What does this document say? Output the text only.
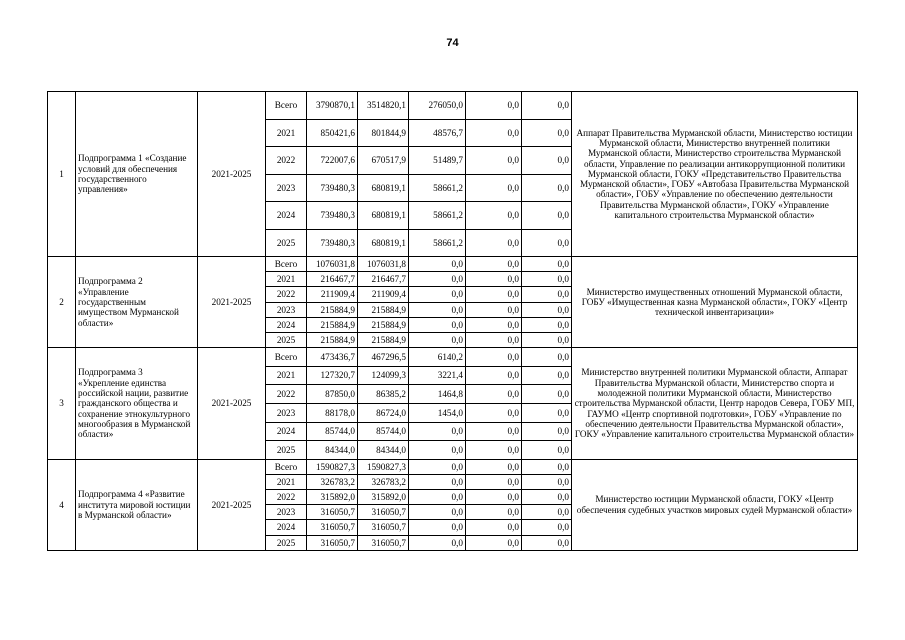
74
1	Подпрограмма 1 «Создание условий для обеспечения государственного управления»	2021-2025	Всего	3790870,1	3514820,1	276050,0	0,0	0,0	Аппарат Правительства Мурманской области, Министерство юстиции Мурманской области, Министерство внутренней политики Мурманской области, Министерство строительства Мурманской области, Управление по реализации антикоррупционной политики Мурманской области, ГОКУ «Представительство Правительства Мурманской области», ГОБУ «Автобаза Правительства Мурманской области», ГОБУ «Управление по обеспечению деятельности Правительства Мурманской области», ГОКУ «Управление капитального строительства Мурманской области»
			2021	850421,6	801844,9	48576,7	0,0	0,0	
			2022	722007,6	670517,9	51489,7	0,0	0,0	
			2023	739480,3	680819,1	58661,2	0,0	0,0	
			2024	739480,3	680819,1	58661,2	0,0	0,0	
			2025	739480,3	680819,1	58661,2	0,0	0,0	
2	Подпрограмма 2 «Управление государственным имуществом Мурманской области»	2021-2025	Всего	1076031,8	1076031,8	0,0	0,0	0,0	Министерство имущественных отношений Мурманской области, ГОБУ «Имущественная казна Мурманской области», ГОКУ «Центр технической инвентаризации»
			2021	216467,7	216467,7	0,0	0,0	0,0	
			2022	211909,4	211909,4	0,0	0,0	0,0	
			2023	215884,9	215884,9	0,0	0,0	0,0	
			2024	215884,9	215884,9	0,0	0,0	0,0	
			2025	215884,9	215884,9	0,0	0,0	0,0	
3	Подпрограмма 3 «Укрепление единства российской нации, развитие гражданского общества и сохранение этнокультурного многообразия в Мурманской области»	2021-2025	Всего	473436,7	467296,5	6140,2	0,0	0,0	Министерство внутренней политики Мурманской области, Аппарат Правительства Мурманской области, Министерство спорта и молодежной политики Мурманской области, Министерство строительства Мурманской области, Центр народов Севера, ГОБУ МП, ГАУМО «Центр спортивной подготовки», ГОБУ «Управление по обеспечению деятельности Правительства Мурманской области», ГОКУ «Управление капитального строительства Мурманской области»
			2021	127320,7	124099,3	3221,4	0,0	0,0	
			2022	87850,0	86385,2	1464,8	0,0	0,0	
			2023	88178,0	86724,0	1454,0	0,0	0,0	
			2024	85744,0	85744,0	0,0	0,0	0,0	
			2025	84344,0	84344,0	0,0	0,0	0,0	
4	Подпрограмма 4 «Развитие института мировой юстиции в Мурманской области»	2021-2025	Всего	1590827,3	1590827,3	0,0	0,0	0,0	Министерство юстиции Мурманской области, ГОКУ «Центр обеспечения судебных участков мировых судей Мурманской области»
			2021	326783,2	326783,2	0,0	0,0	0,0	
			2022	315892,0	315892,0	0,0	0,0	0,0	
			2023	316050,7	316050,7	0,0	0,0	0,0	
			2024	316050,7	316050,7	0,0	0,0	0,0	
			2025	316050,7	316050,7	0,0	0,0	0,0	
